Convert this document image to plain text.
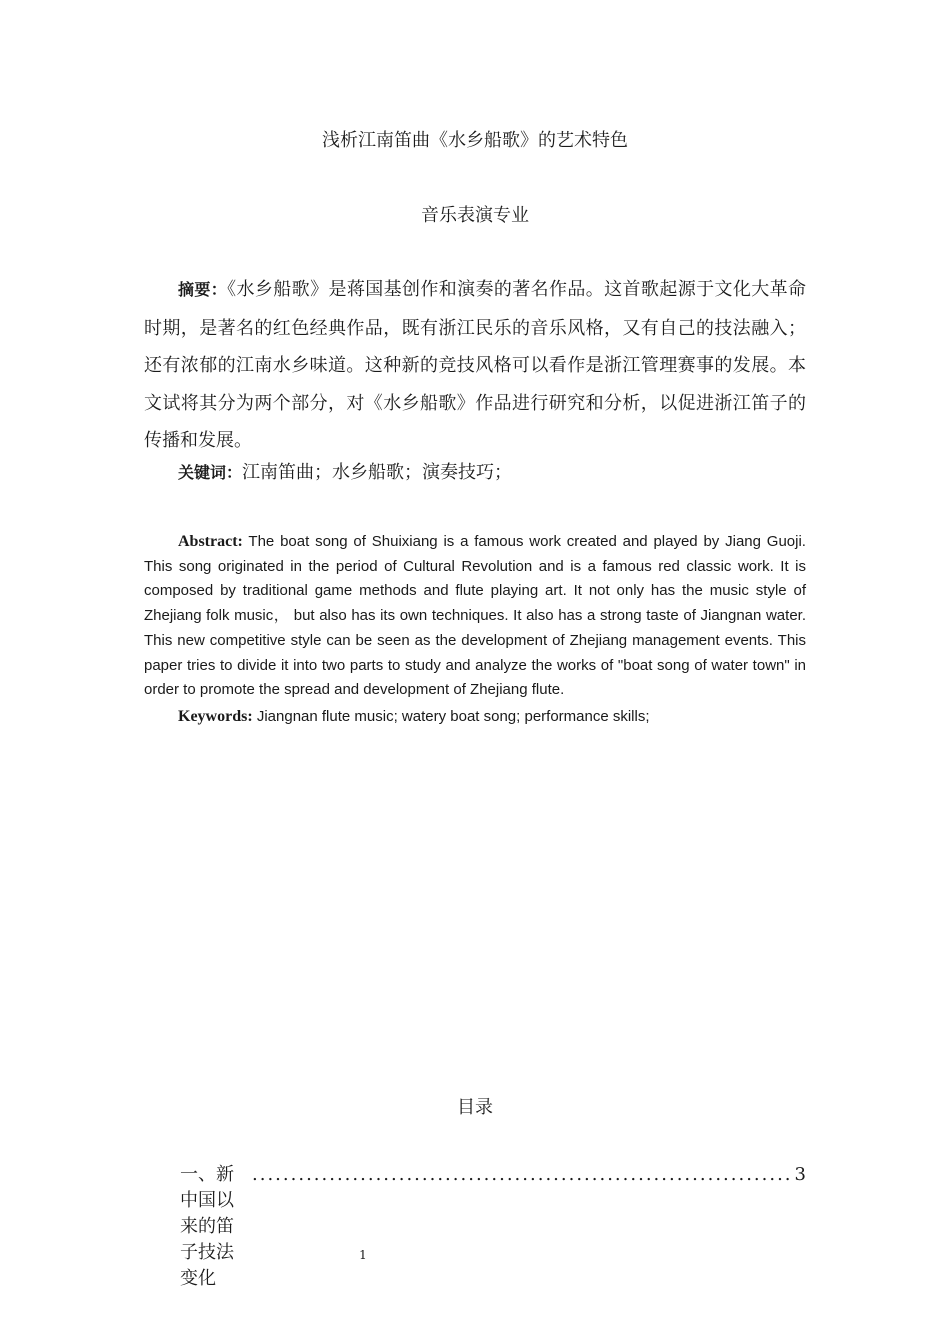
浅析江南笛曲《水乡船歌》的艺术特色
音乐表演专业
摘要：《水乡船歌》是蒋国基创作和演奏的著名作品。这首歌起源于文化大革命时期，是著名的红色经典作品，既有浙江民乐的音乐风格，又有自己的技法融入；还有浓郁的江南水乡味道。这种新的竞技风格可以看作是浙江管理赛事的发展。本文试将其分为两个部分，对《水乡船歌》作品进行研究和分析，以促进浙江笛子的传播和发展。
关键词：江南笛曲；水乡船歌；演奏技巧；
Abstract: The boat song of Shuixiang is a famous work created and played by Jiang Guoji. This song originated in the period of Cultural Revolution and is a famous red classic work. It is composed by traditional game methods and flute playing art. It not only has the music style of Zhejiang folk music， but also has its own techniques. It also has a strong taste of Jiangnan water. This new competitive style can be seen as the development of Zhejiang management events. This paper tries to divide it into two parts to study and analyze the works of "boat song of water town" in order to promote the spread and development of Zhejiang flute.
Keywords: Jiangnan flute music; watery boat song; performance skills;
目录
一、新中国以来的笛子技法变化
...................................................................... 3
1
